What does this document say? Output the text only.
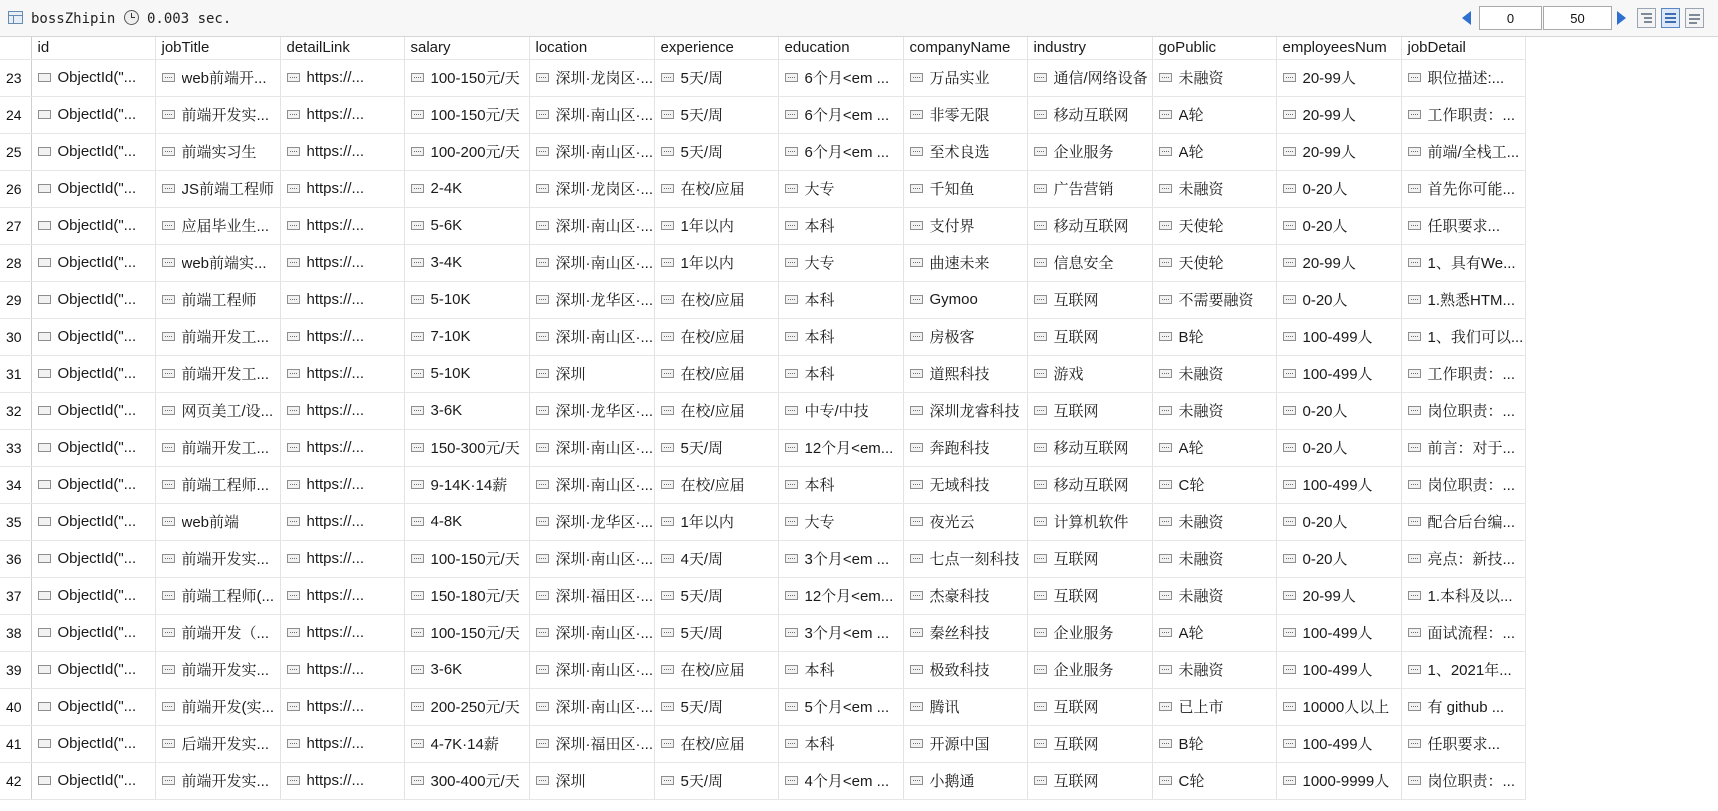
bossZhipin 0.003 sec.
0
50
	id	jobTitle	detailLink	salary	location	experience	education	companyName	industry	goPublic	employeesNum	jobDetail
23	ObjectId("...	web前端开...	https://...	100-150元/天	深圳·龙岗区·...	5天/周	6个月<em ...	万品实业	通信/网络设备	未融资	20-99人	职位描述:...

24	ObjectId("...	前端开发实...	https://...	100-150元/天	深圳·南山区·...	5天/周	6个月<em ...	非零无限	移动互联网	A轮	20-99人	工作职责：...

25	ObjectId("...	前端实习生	https://...	100-200元/天	深圳·南山区·...	5天/周	6个月<em ...	至术良选	企业服务	A轮	20-99人	前端/全栈工...

26	ObjectId("...	JS前端工程师	https://...	2-4K	深圳·龙岗区·...	在校/应届	大专	千知鱼	广告营销	未融资	0-20人	首先你可能...

27	ObjectId("...	应届毕业生...	https://...	5-6K	深圳·南山区·...	1年以内	本科	支付界	移动互联网	天使轮	0-20人	任职要求...

28	ObjectId("...	web前端实...	https://...	3-4K	深圳·南山区·...	1年以内	大专	曲速未来	信息安全	天使轮	20-99人	1、具有We...

29	ObjectId("...	前端工程师	https://...	5-10K	深圳·龙华区·...	在校/应届	本科	Gymoo	互联网	不需要融资	0-20人	1.熟悉HTM...

30	ObjectId("...	前端开发工...	https://...	7-10K	深圳·南山区·...	在校/应届	本科	房极客	互联网	B轮	100-499人	1、我们可以...

31	ObjectId("...	前端开发工...	https://...	5-10K	深圳	在校/应届	本科	道熙科技	游戏	未融资	100-499人	工作职责：...

32	ObjectId("...	网页美工/设...	https://...	3-6K	深圳·龙华区·...	在校/应届	中专/中技	深圳龙睿科技	互联网	未融资	0-20人	岗位职责：...

33	ObjectId("...	前端开发工...	https://...	150-300元/天	深圳·南山区·...	5天/周	12个月<em...	奔跑科技	移动互联网	A轮	0-20人	前言：对于...

34	ObjectId("...	前端工程师...	https://...	9-14K·14薪	深圳·南山区·...	在校/应届	本科	无域科技	移动互联网	C轮	100-499人	岗位职责：...

35	ObjectId("...	web前端	https://...	4-8K	深圳·龙华区·...	1年以内	大专	夜光云	计算机软件	未融资	0-20人	配合后台编...

36	ObjectId("...	前端开发实...	https://...	100-150元/天	深圳·南山区·...	4天/周	3个月<em ...	七点一刻科技	互联网	未融资	0-20人	亮点：新技...

37	ObjectId("...	前端工程师(...	https://...	150-180元/天	深圳·福田区·...	5天/周	12个月<em...	杰豪科技	互联网	未融资	20-99人	1.本科及以...

38	ObjectId("...	前端开发（...	https://...	100-150元/天	深圳·南山区·...	5天/周	3个月<em ...	秦丝科技	企业服务	A轮	100-499人	面试流程：...

39	ObjectId("...	前端开发实...	https://...	3-6K	深圳·南山区·...	在校/应届	本科	极致科技	企业服务	未融资	100-499人	1、2021年...

40	ObjectId("...	前端开发(实...	https://...	200-250元/天	深圳·南山区·...	5天/周	5个月<em ...	腾讯	互联网	已上市	10000人以上	有 github ...

41	ObjectId("...	后端开发实...	https://...	4-7K·14薪	深圳·福田区·...	在校/应届	本科	开源中国	互联网	B轮	100-499人	任职要求...

42	ObjectId("...	前端开发实...	https://...	300-400元/天	深圳	5天/周	4个月<em ...	小鹅通	互联网	C轮	1000-9999人	岗位职责：...
